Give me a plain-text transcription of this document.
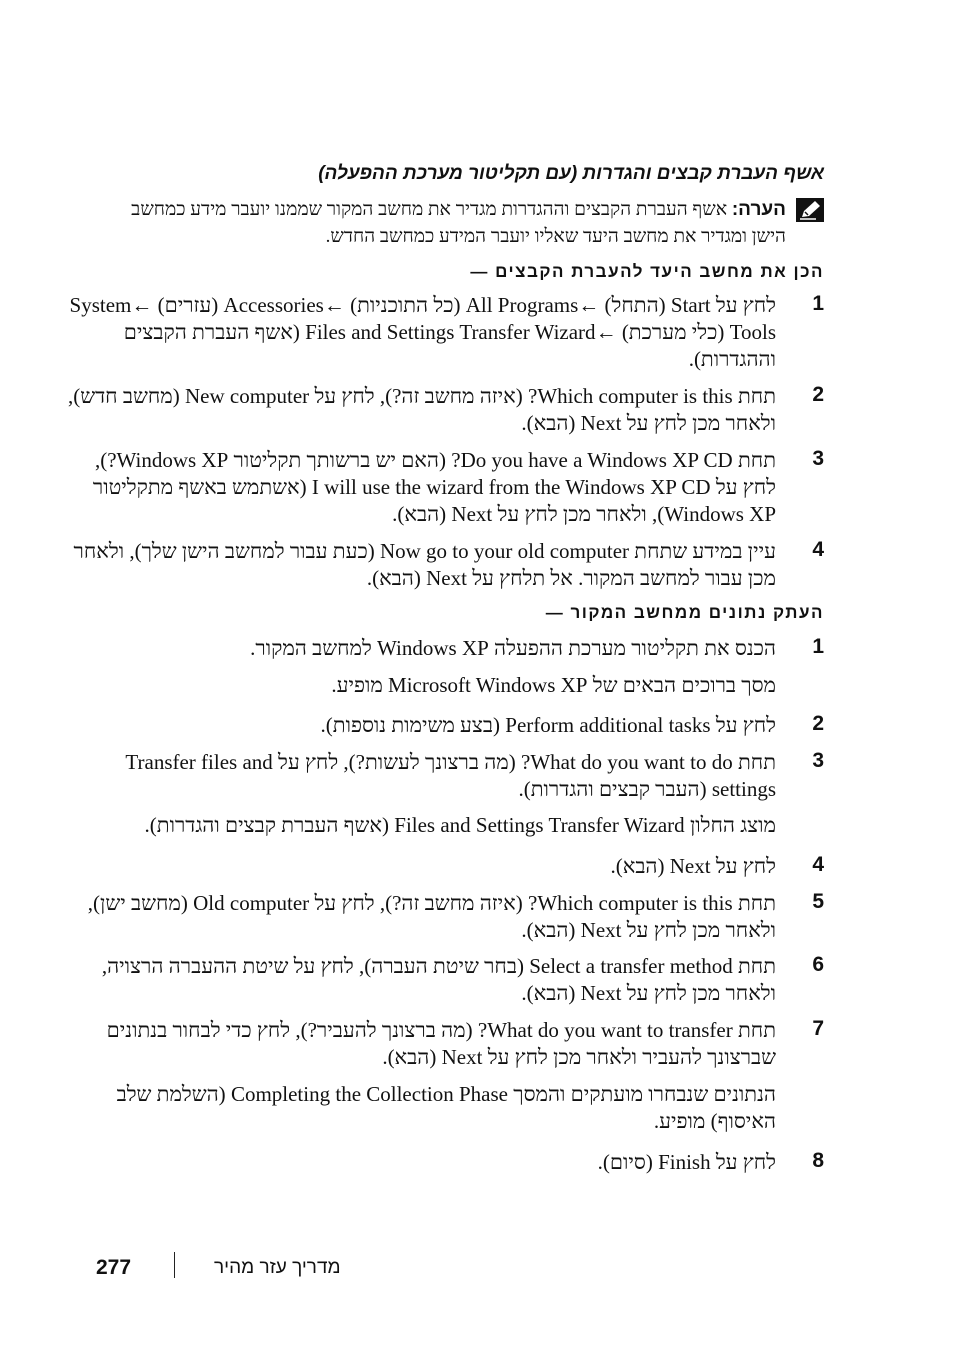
אשף העברת קבצים והגדרות (עם תקליטור מערכת ההפעלה)
הערה: אשף העברת הקבצים וההגדרות מגדיר את מחשב המקור שממנו יועבר מידע כמחשב הישן ומגדיר את מחשב היעד שאליו יועבר המידע כמחשב החדש.
הכן את מחשב היעד להעברת הקבצים —
1
לחץ על Start (התחל) ←All Programs (כל התוכניות) ←Accessories (עזרים) ←System Tools (כלי מערכת) ←Files and Settings Transfer Wizard (אשף העברת הקבצים וההגדרות).
2
תחת Which computer is this? (איזה מחשב זה?), לחץ על New computer (מחשב חדש), ולאחר מכן לחץ על Next (הבא).
3
תחת Do you have a Windows XP CD? (האם יש ברשותך תקליטור Windows XP?), לחץ על I will use the wizard from the Windows XP CD (אשתמש באשף מתקליטור Windows XP), ולאחר מכן לחץ על Next (הבא).
4
עיין במידע שתחת Now go to your old computer (כעת עבור למחשב הישן שלך), ולאחר מכן עבור למחשב המקור. אל תלחץ על Next (הבא).
העתק נתונים ממחשב המקור —
1
הכנס את תקליטור מערכת ההפעלה Windows XP למחשב המקור.
מסך ברוכים הבאים של Microsoft Windows XP מופיע.
2
לחץ על Perform additional tasks (בצע משימות נוספות).
3
תחת What do you want to do? (מה ברצונך לעשות?), לחץ על Transfer files and settings (העבר קבצים והגדרות).
מוצג החלון Files and Settings Transfer Wizard (אשף העברת קבצים והגדרות).
4
לחץ על Next (הבא).
5
תחת Which computer is this? (איזה מחשב זה?), לחץ על Old computer (מחשב ישן), ולאחר מכן לחץ על Next (הבא).
6
תחת Select a transfer method (בחר שיטת העברה), לחץ על שיטת ההעברה הרצויה, ולאחר מכן לחץ על Next (הבא).
7
תחת What do you want to transfer? (מה ברצונך להעביר?), לחץ כדי לבחור בנתונים שברצונך להעביר ולאחר מכן לחץ על Next (הבא).
הנתונים שנבחרו מועתקים והמסך Completing the Collection Phase (השלמת שלב האיסוף) מופיע.
8
לחץ על Finish (סיום).
277	מדריך עזר מהיר
